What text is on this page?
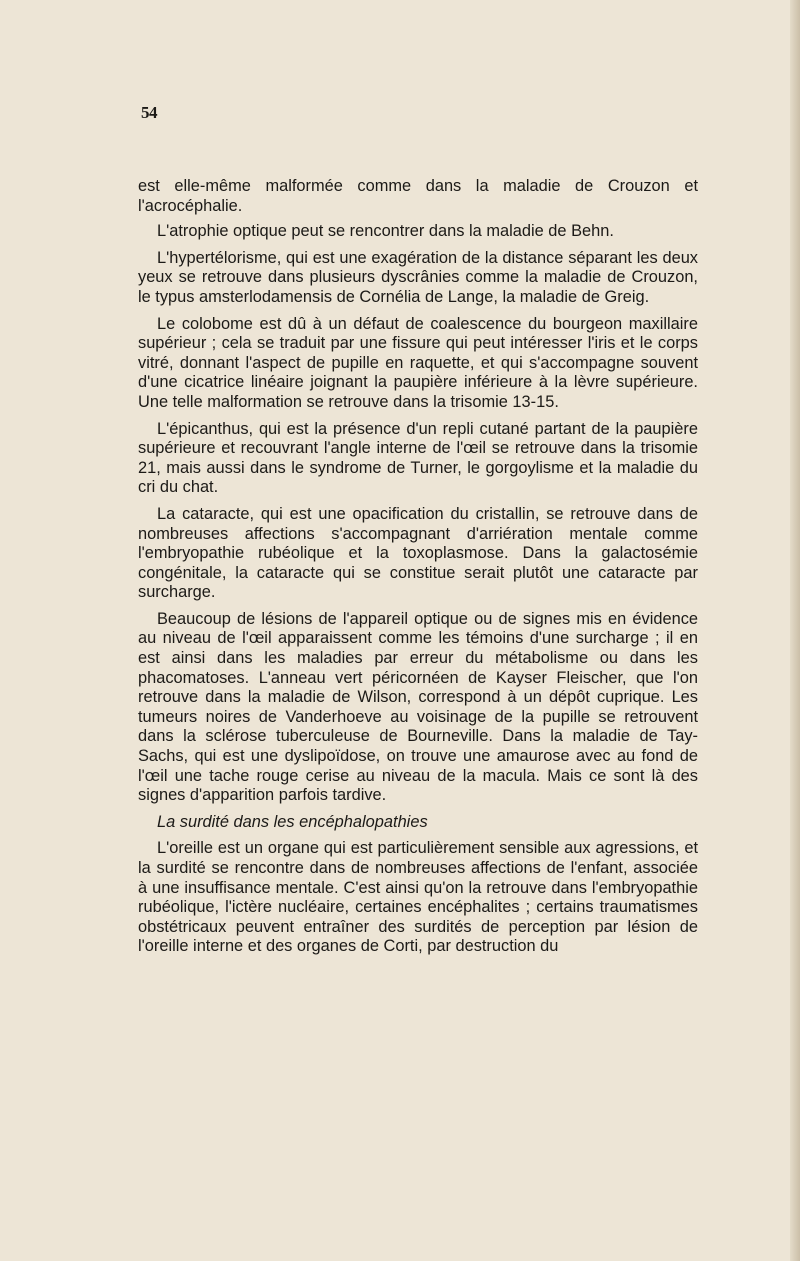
54

est elle-même malformée comme dans la maladie de Crouzon et l'acrocéphalie.

L'atrophie optique peut se rencontrer dans la maladie de Behn.

L'hypertélorisme, qui est une exagération de la distance séparant les deux yeux se retrouve dans plusieurs dyscrânies comme la maladie de Crouzon, le typus amsterlodamensis de Cornélia de Lange, la maladie de Greig.

Le colobome est dû à un défaut de coalescence du bourgeon maxillaire supérieur ; cela se traduit par une fissure qui peut intéresser l'iris et le corps vitré, donnant l'aspect de pupille en raquette, et qui s'accompagne souvent d'une cicatrice linéaire joignant la paupière inférieure à la lèvre supérieure. Une telle malformation se retrouve dans la trisomie 13-15.

L'épicanthus, qui est la présence d'un repli cutané partant de la paupière supérieure et recouvrant l'angle interne de l'œil se retrouve dans la trisomie 21, mais aussi dans le syndrome de Turner, le gorgoylisme et la maladie du cri du chat.

La cataracte, qui est une opacification du cristallin, se retrouve dans de nombreuses affections s'accompagnant d'arriération mentale comme l'embryopathie rubéolique et la toxoplasmose. Dans la galactosémie congénitale, la cataracte qui se constitue serait plutôt une cataracte par surcharge.

Beaucoup de lésions de l'appareil optique ou de signes mis en évidence au niveau de l'œil apparaissent comme les témoins d'une surcharge ; il en est ainsi dans les maladies par erreur du métabolisme ou dans les phacomatoses. L'anneau vert péricornéen de Kayser Fleischer, que l'on retrouve dans la maladie de Wilson, correspond à un dépôt cuprique. Les tumeurs noires de Vanderhoeve au voisinage de la pupille se retrouvent dans la sclérose tuberculeuse de Bourneville. Dans la maladie de Tay-Sachs, qui est une dyslipoïdose, on trouve une amaurose avec au fond de l'œil une tache rouge cerise au niveau de la macula. Mais ce sont là des signes d'apparition parfois tardive.

La surdité dans les encéphalopathies

L'oreille est un organe qui est particulièrement sensible aux agressions, et la surdité se rencontre dans de nombreuses affections de l'enfant, associée à une insuffisance mentale. C'est ainsi qu'on la retrouve dans l'embryopathie rubéolique, l'ictère nucléaire, certaines encéphalites ; certains traumatismes obstétricaux peuvent entraîner des surdités de perception par lésion de l'oreille interne et des organes de Corti, par destruction du
